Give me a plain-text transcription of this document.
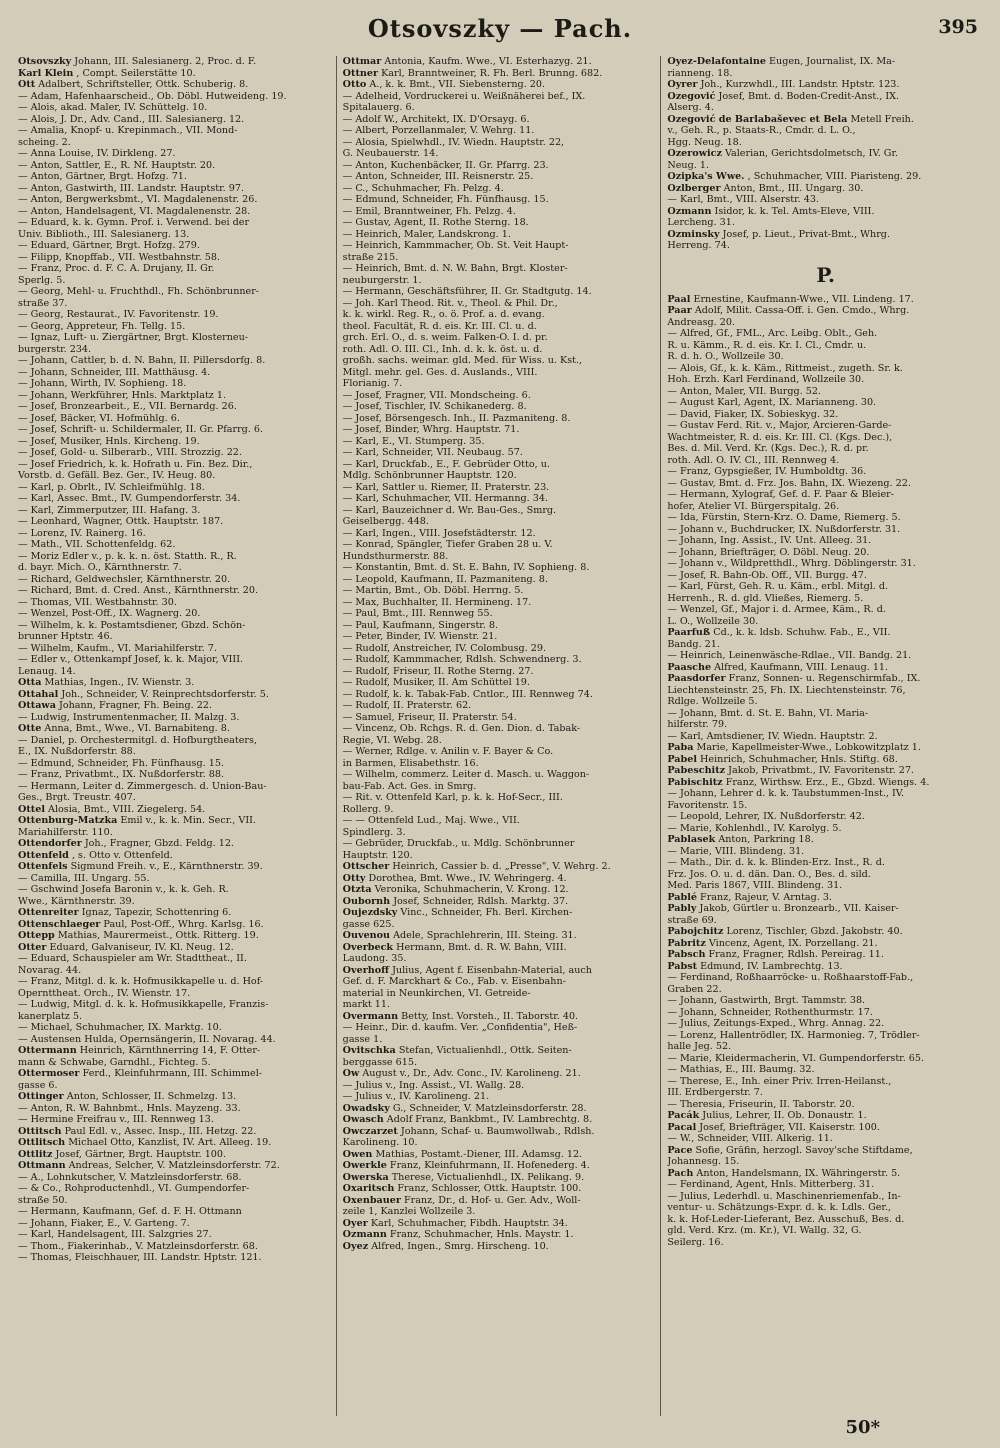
Otsovszky — Pach.	395
Otsovszky Johann, III. Salesianerg. 2, Proc. d. F.
Karl Klein , Compt. Seilerstätte 10.
Ott Adalbert, Schriftsteller, Ottk. Schuberig. 8.
— Adam, Hafenhaarscheid., Ob. Döbl. Hutweideng. 19.
— Alois, akad. Maler, IV. Schüttelg. 10.
— Alois, J. Dr., Adv. Cand., III. Salesianerg. 12.
— Amalia, Knopf- u. Krepinmach., VII. Mond-
scheing. 2.
— Anna Louise, IV. Dirkleng. 27.
— Anton, Sattler, E., R. Nf. Hauptstr. 20.
— Anton, Gärtner, Brgt. Hofzg. 71.
— Anton, Gastwirth, III. Landstr. Hauptstr. 97.
— Anton, Bergwerksbmt., VI. Magdalenenstr. 26.
— Anton, Handelsagent, VI. Magdalenenstr. 28.
— Eduard, k. k. Gymn. Prof. i. Verwend. bei der
Univ. Biblioth., III. Salesianerg. 13.
— Eduard, Gärtner, Brgt. Hofzg. 279.
— Filipp, Knopffab., VII. Westbahnstr. 58.
— Franz, Proc. d. F. C. A. Drujany, II. Gr.
Sperlg. 5.
— Georg, Mehl- u. Fruchthdl., Fh. Schönbrunner-
straße 37.
— Georg, Restaurat., IV. Favoritenstr. 19.
— Georg, Appreteur, Fh. Tellg. 15.
— Ignaz, Luft- u. Ziergärtner, Brgt. Klosterneu-
burgerstr. 234.
— Johann, Cattler, b. d. N. Bahn, II. Pillersdorfg. 8.
— Johann, Schneider, III. Matthäusg. 4.
— Johann, Wirth, IV. Sophieng. 18.
— Johann, Werkführer, Hnls. Marktplatz 1.
— Josef, Bronzearbeit., E., VII. Bernardg. 26.
— Josef, Bäcker, VI. Hofmühlg. 6.
— Josef, Schrift- u. Schildermaler, II. Gr. Pfarrg. 6.
— Josef, Musiker, Hnls. Kircheng. 19.
— Josef, Gold- u. Silberarb., VIII. Strozzig. 22.
— Josef Friedrich, k. k. Hofrath u. Fin. Bez. Dir.,
Vorstb. d. Gefäll. Bez. Ger., IV. Heug. 80.
— Karl, p. Obrlt., IV. Schleifmühlg. 18.
— Karl, Assec. Bmt., IV. Gumpendorferstr. 34.
— Karl, Zimmerputzer, III. Hafang. 3.
— Leonhard, Wagner, Ottk. Hauptstr. 187.
— Lorenz, IV. Rainerg. 16.
— Math., VII. Schottenfeldg. 62.
— Moriz Edler v., p. k. k. n. öst. Statth. R., R.
d. bayr. Mich. O., Kärnthnerstr. 7.
— Richard, Geldwechsler, Kärnthnerstr. 20.
— Richard, Bmt. d. Cred. Anst., Kärnthnerstr. 20.
— Thomas, VII. Westbahnstr. 30.
— Wenzel, Post-Off., IX. Wagnerg. 20.
— Wilhelm, k. k. Postamtsdiener, Gbzd. Schön-
brunner Hptstr. 46.
— Wilhelm, Kaufm., VI. Mariahilferstr. 7.
— Edler v., Ottenkampf Josef, k. k. Major, VIII.
Lenaug. 14.
Otta Mathias, Ingen., IV. Wienstr. 3.
Ottahal Joh., Schneider, V. Reinprechtsdorferstr. 5.
Ottawa Johann, Fragner, Fh. Being. 22.
— Ludwig, Instrumentenmacher, II. Malzg. 3.
Otte Anna, Bmt., Wwe., VI. Barnabiteng. 8.
— Daniel, p. Orchestermitgl. d. Hofburgtheaters,
E., IX. Nußdorferstr. 88.
— Edmund, Schneider, Fh. Fünfhausg. 15.
— Franz, Privatbmt., IX. Nußdorferstr. 88.
— Hermann, Leiter d. Zimmergesch. d. Union-Bau-
Ges., Brgt. Treustr. 407.
Ottel Alosia, Bmt., VIII. Ziegelerg. 54.
Ottenburg-Matzka Emil v., k. k. Min. Secr., VII.
Mariahilferstr. 110.
Ottendorfer Joh., Fragner, Gbzd. Feldg. 12.
Ottenfeld , s. Otto v. Ottenfeld.
Ottenfels Sigmund Freih. v., E., Kärnthnerstr. 39.
— Camilla, III. Ungarg. 55.
— Gschwind Josefa Baronin v., k. k. Geh. R.
Wwe., Kärnthnerstr. 39.
Ottenreiter Ignaz, Tapezir, Schottenring 6.
Ottenschlaeger Paul, Post-Off., Whrg. Karlsg. 16.
Ottepp Mathias, Maurermeist., Ottk. Ritterg. 19.
Otter Eduard, Galvaniseur, IV. Kl. Neug. 12.
— Eduard, Schauspieler am Wr. Stadttheat., II.
Novarag. 44.
— Franz, Mitgl. d. k. k. Hofmusikkapelle u. d. Hof-
Opernttheat. Orch., IV. Wienstr. 17.
— Ludwig, Mitgl. d. k. k. Hofmusikkapelle, Franzis-
kanerplatz 5.
— Michael, Schuhmacher, IX. Marktg. 10.
— Austensen Hulda, Opernsängerin, II. Novarag. 44.
Ottermann Heinrich, Kärnthnerring 14, F. Otter-
mann & Schwabe, Garndhl., Fichteg. 5.
Ottermoser Ferd., Kleinfuhrmann, III. Schimmel-
gasse 6.
Ottinger Anton, Schlosser, II. Schmelzg. 13.
— Anton, R. W. Bahnbmt., Hnls. Mayzeng. 33.
— Hermine Freifrau v., III. Rennweg 13.
Ottitsch Paul Edl. v., Assec. Insp., III. Hetzg. 22.
Ottlitsch Michael Otto, Kanzlist, IV. Art. Alleeg. 19.
Ottlitz Josef, Gärtner, Brgt. Hauptstr. 100.
Ottmann Andreas, Selcher, V. Matzleinsdorferstr. 72.
— A., Lohnkutscher, V. Matzleinsdorferstr. 68.
— & Co., Rohproductenhdl., VI. Gumpendorfer-
straße 50.
— Hermann, Kaufmann, Gef. d. F. H. Ottmann
— Johann, Fiaker, E., V. Garteng. 7.
— Karl, Handelsagent, III. Salzgries 27.
— Thom., Fiakerinhab., V. Matzleinsdorferstr. 68.
— Thomas, Fleischhauer, III. Landstr. Hptstr. 121.
Ottmar Antonia, Kaufm. Wwe., VI. Esterhazyg. 21.
Ottner Karl, Branntweiner, R. Fh. Berl. Brunng. 682.
Otto A., k. k. Bmt., VII. Siebensterng. 20.
— Adelheid, Vordruckerei u. Weißnäherei bef., IX.
Spitalauerg. 6.
— Adolf W., Architekt, IX. D'Orsayg. 6.
— Albert, Porzellanmaler, V. Wehrg. 11.
— Alosia, Spielwhdl., IV. Wiedn. Hauptstr. 22,
G. Neubauerstr. 14.
— Anton, Kuchenbäcker, II. Gr. Pfarrg. 23.
— Anton, Schneider, III. Reisnerstr. 25.
— C., Schuhmacher, Fh. Pelzg. 4.
— Edmund, Schneider, Fh. Fünfhausg. 15.
— Emil, Branntweiner, Fh. Pelzg. 4.
— Gustav, Agent, II. Rothe Sterng. 18.
— Heinrich, Maler, Landskrong. 1.
— Heinrich, Kammmacher, Ob. St. Veit Haupt-
straße 215.
— Heinrich, Bmt. d. N. W. Bahn, Brgt. Kloster-
neuburgerstr. 1.
— Hermann, Geschäftsführer, II. Gr. Stadtgutg. 14.
— Joh. Karl Theod. Rit. v., Theol. & Phil. Dr.,
k. k. wirkl. Reg. R., o. ö. Prof. a. d. evang.
theol. Facultät, R. d. eis. Kr. III. Cl. u. d.
grch. Erl. O., d. s. weim. Falken-O. I. d. pr.
roth. Adl. O. III. Cl., Inh. d. k. k. öst. u. d.
großh. sachs. weimar. gld. Med. für Wiss. u. Kst.,
Mitgl. mehr. gel. Ges. d. Auslands., VIII.
Florianig. 7.
— Josef, Fragner, VII. Mondscheing. 6.
— Josef, Tischler, IV. Schikanederg. 8.
— Josef, Börsengesch. Inh., II. Pazmaniteng. 8.
— Josef, Binder, Whrg. Hauptstr. 71.
— Karl, E., VI. Stumperg. 35.
— Karl, Schneider, VII. Neubaug. 57.
— Karl, Druckfab., E., F. Gebrüder Otto, u.
Mdlg. Schönbrunner Hauptstr. 120.
— Karl, Sattler u. Riemer, II. Praterstr. 23.
— Karl, Schuhmacher, VII. Hermanng. 34.
— Karl, Bauzeichner d. Wr. Bau-Ges., Smrg.
Geiselbergg. 448.
— Karl, Ingen., VIII. Josefstädterstr. 12.
— Konrad, Spängler, Tiefer Graben 28 u. V.
Hundsthurmerstr. 88.
— Konstantin, Bmt. d. St. E. Bahn, IV. Sophieng. 8.
— Leopold, Kaufmann, II. Pazmaniteng. 8.
— Martin, Bmt., Ob. Döbl. Herrng. 5.
— Max, Buchhalter, II. Hermineng. 17.
— Paul, Bmt., III. Rennweg 55.
— Paul, Kaufmann, Singerstr. 8.
— Peter, Binder, IV. Wienstr. 21.
— Rudolf, Anstreicher, IV. Colombusg. 29.
— Rudolf, Kammmacher, Rdlsh. Schwendnerg. 3.
— Rudolf, Friseur, II. Rothe Sterng. 27.
— Rudolf, Musiker, II. Am Schüttel 19.
— Rudolf, k. k. Tabak-Fab. Cntlor., III. Rennweg 74.
— Rudolf, II. Praterstr. 62.
— Samuel, Friseur, II. Praterstr. 54.
— Vincenz, Ob. Rchgs. R. d. Gen. Dion. d. Tabak-
Regie, VI. Webg. 28.
— Werner, Rdlge. v. Anilin v. F. Bayer & Co.
in Barmen, Elisabethstr. 16.
— Wilhelm, commerz. Leiter d. Masch. u. Waggon-
bau-Fab. Act. Ges. in Smrg.
— Rit. v. Ottenfeld Karl, p. k. k. Hof-Secr., III.
Rollerg. 9.
— — Ottenfeld Lud., Maj. Wwe., VII.
Spindlerg. 3.
— Gebrüder, Druckfab., u. Mdlg. Schönbrunner
Hauptstr. 120.
Ottscher Heinrich, Cassier b. d. „Presse", V. Wehrg. 2.
Otty Dorothea, Bmt. Wwe., IV. Wehringerg. 4.
Otzta Veronika, Schuhmacherin, V. Krong. 12.
Oubornh Josef, Schneider, Rdlsh. Marktg. 37.
Oujezdsky Vinc., Schneider, Fh. Berl. Kirchen-
gasse 625.
Ouvenou Adele, Sprachlehrerin, III. Steing. 31.
Overbeck Hermann, Bmt. d. R. W. Bahn, VIII.
Laudong. 35.
Overhoff Julius, Agent f. Eisenbahn-Material, auch
Gef. d. F. Marckhart & Co., Fab. v. Eisenbahn-
material in Neunkirchen, VI. Getreide-
markt 11.
Overmann Betty, Inst. Vorsteh., II. Taborstr. 40.
— Heinr., Dir. d. kaufm. Ver. „Confidentia", Heß-
gasse 1.
Ovitschka Stefan, Victualienhdl., Ottk. Seiten-
berggasse 615.
Ow August v., Dr., Adv. Conc., IV. Karolineng. 21.
— Julius v., Ing. Assist., VI. Wallg. 28.
— Julius v., IV. Karolineng. 21.
Owadsky G., Schneider, V. Matzleinsdorferstr. 28.
Owasch Adolf Franz, Bankbmt., IV. Lambrechtg. 8.
Owczarzet Johann, Schaf- u. Baumwollwab., Rdlsh.
Karolineng. 10.
Owen Mathias, Postamt.-Diener, III. Adamsg. 12.
Owerkle Franz, Kleinfuhrmann, II. Hofenederg. 4.
Owerska Therese, Victualienhdl., IX. Pelikang. 9.
Oxaritsch Franz, Schlosser, Ottk. Hauptstr. 100.
Oxenbauer Franz, Dr., d. Hof- u. Ger. Adv., Woll-
zeile 1, Kanzlei Wollzeile 3.
Oyer Karl, Schuhmacher, Fibdh. Hauptstr. 34.
Ozmann Franz, Schuhmacher, Hnls. Maystr. 1.
Oyez Alfred, Ingen., Smrg. Hirscheng. 10.
Oyez-Delafontaine Eugen, Journalist, IX. Ma-
rianneng. 18.
Oyrer Joh., Kurzwhdl., III. Landstr. Hptstr. 123.
Ozegović Josef, Bmt. d. Boden-Credit-Anst., IX.
Alserg. 4.
Ozegović de Barlabaševec et Bela Metell Freih.
v., Geh. R., p. Staats-R., Cmdr. d. L. O.,
Hgg. Neug. 18.
Ozerowicz Valerian, Gerichtsdolmetsch, IV. Gr.
Neug. 1.
Ozipka's Wwe. , Schuhmacher, VIII. Piaristeng. 29.
Ozlberger Anton, Bmt., III. Ungarg. 30.
— Karl, Bmt., VIII. Alserstr. 43.
Ozmann Isidor, k. k. Tel. Amts-Eleve, VIII.
Lercheng. 31.
Ozminsky Josef, p. Lieut., Privat-Bmt., Whrg.
Herreng. 74.
P.
Paal Ernestine, Kaufmann-Wwe., VII. Lindeng. 17.
Paar Adolf, Milit. Cassa-Off. i. Gen. Cmdo., Whrg.
Andreasg. 20.
— Alfred, Gf., FML., Arc. Leibg. Oblt., Geh.
R. u. Kämm., R. d. eis. Kr. I. Cl., Cmdr. u.
R. d. h. O., Wollzeile 30.
— Alois, Gf., k. k. Käm., Rittmeist., zugeth. Sr. k.
Hoh. Erzh. Karl Ferdinand, Wollzeile 30.
— Anton, Maler, VII. Burgg. 52.
— August Karl, Agent, IX. Marianneng. 30.
— David, Fiaker, IX. Sobieskyg. 32.
— Gustav Ferd. Rit. v., Major, Arcieren-Garde-
Wachtmeister, R. d. eis. Kr. III. Cl. (Kgs. Dec.),
Bes. d. Mil. Verd. Kr. (Kgs. Dec.), R. d. pr.
roth. Adl. O. IV. Cl., III. Rennweg 4.
— Franz, Gypsgießer, IV. Humboldtg. 36.
— Gustav, Bmt. d. Frz. Jos. Bahn, IX. Wiezeng. 22.
— Hermann, Xylograf, Gef. d. F. Paar & Bleier-
hofer, Atelier VI. Bürgerspitalg. 26.
— Ida, Fürstin, Stern-Krz. O. Dame, Riemerg. 5.
— Johann v., Buchdrucker, IX. Nußdorferstr. 31.
— Johann, Ing. Assist., IV. Unt. Alleeg. 31.
— Johann, Briefträger, O. Döbl. Neug. 20.
— Johann v., Wildpretthdl., Whrg. Döblingerstr. 31.
— Josef, R. Bahn-Ob. Off., VII. Burgg. 47.
— Karl, Fürst, Geh. R. u. Käm., erbl. Mitgl. d.
Herrenh., R. d. gld. Vließes, Riemerg. 5.
— Wenzel, Gf., Major i. d. Armee, Käm., R. d.
L. O., Wollzeile 30.
Paarfuß Cd., k. k. ldsb. Schuhw. Fab., E., VII.
Bandg. 21.
— Heinrich, Leinenwäsche-Rdlae., VII. Bandg. 21.
Paasche Alfred, Kaufmann, VIII. Lenaug. 11.
Paasdorfer Franz, Sonnen- u. Regenschirmfab., IX.
Liechtensteinstr. 25, Fh. IX. Liechtensteinstr. 76,
Rdlge. Wollzeile 5.
— Johann, Bmt. d. St. E. Bahn, VI. Maria-
hilferstr. 79.
— Karl, Amtsdiener, IV. Wiedn. Hauptstr. 2.
Paba Marie, Kapellmeister-Wwe., Lobkowitzplatz 1.
Pabel Heinrich, Schuhmacher, Hnls. Stiftg. 68.
Pabeschitz Jakob, Privatbmt., IV. Favoritenstr. 27.
Pabischitz Franz, Wirthsw. Erz., E., Gbzd. Wiengs. 4.
— Johann, Lehrer d. k. k. Taubstummen-Inst., IV.
Favoritenstr. 15.
— Leopold, Lehrer, IX. Nußdorferstr. 42.
— Marie, Kohlenhdl., IV. Karolyg. 5.
Pablasek Anton, Parkring 18.
— Marie, VIII. Blindeng. 31.
— Math., Dir. d. k. k. Blinden-Erz. Inst., R. d.
Frz. Jos. O. u. d. dän. Dan. O., Bes. d. sild.
Med. Paris 1867, VIII. Blindeng. 31.
Pablé Franz, Rajeur, V. Arntag. 3.
Pably Jakob, Gürtler u. Bronzearb., VII. Kaiser-
straße 69.
Pabojchitz Lorenz, Tischler, Gbzd. Jakobstr. 40.
Pabritz Vincenz, Agent, IX. Porzellang. 21.
Pabsch Franz, Fragner, Rdlsh. Pereirag. 11.
Pabst Edmund, IV. Lambrechtg. 13.
— Ferdinand, Roßhaarröcke- u. Roßhaarstoff-Fab.,
Graben 22.
— Johann, Gastwirth, Brgt. Tammstr. 38.
— Johann, Schneider, Rothenthurmstr. 17.
— Julius, Zeitungs-Exped., Whrg. Annag. 22.
— Lorenz, Hallentrödler, IX. Harmonieg. 7, Trödler-
halle Jeg. 52.
— Marie, Kleidermacherin, VI. Gumpendorferstr. 65.
— Mathias, E., III. Baumg. 32.
— Therese, E., Inh. einer Priv. Irren-Heilanst.,
III. Erdbergerstr. 7.
— Theresia, Friseurin, II. Taborstr. 20.
Pacák Julius, Lehrer, II. Ob. Donaustr. 1.
Pacal Josef, Briefträger, VII. Kaiserstr. 100.
— W., Schneider, VIII. Alkerig. 11.
Pace Sofie, Gräfin, herzogl. Savoy'sche Stiftdame,
Johannesg. 15.
Pach Anton, Handelsmann, IX. Währingerstr. 5.
— Ferdinand, Agent, Hnls. Mitterberg. 31.
— Julius, Lederhdl. u. Maschinenriemenfab., In-
ventur- u. Schätzungs-Expr. d. k. k. Ldls. Ger.,
k. k. Hof-Leder-Lieferant, Bez. Ausschuß, Bes. d.
gld. Verd. Krz. (m. Kr.), VI. Wallg. 32, G.
Seilerg. 16.
50*
